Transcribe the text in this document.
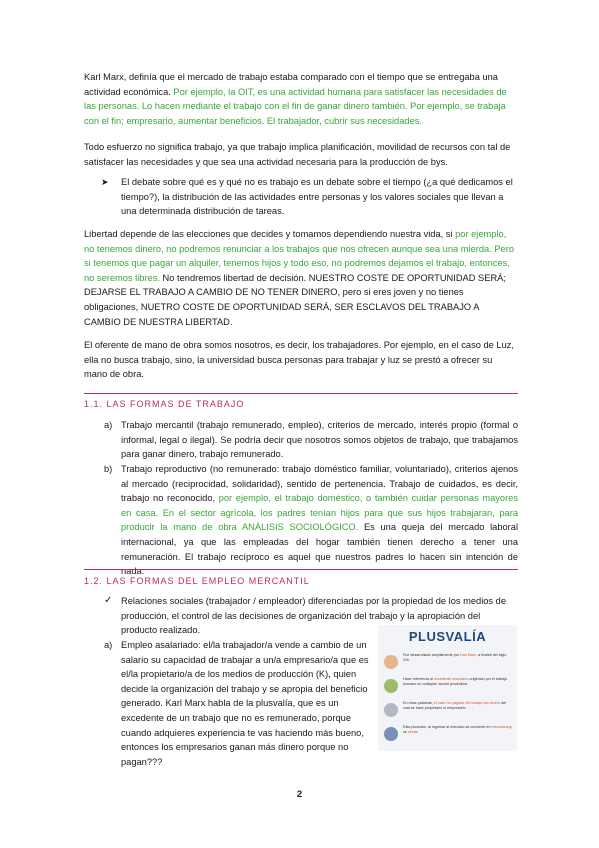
Karl Marx, definía que el mercado de trabajo estaba comparado con el tiempo que se entregaba una actividad económica. Por ejemplo, la OIT, es una actividad humana para satisfacer las necesidades de las personas. Lo hacen mediante el trabajo con el fin de ganar dinero también. Por ejemplo, se trabaja con el fin; empresario, aumentar beneficios. El trabajador, cubrir sus necesidades.

Todo esfuerzo no significa trabajo, ya que trabajo implica planificación, movilidad de recursos con tal de satisfacer las necesidades y que sea una actividad necesaria para la producción de bys.

➤ El debate sobre qué es y qué no es trabajo es un debate sobre el tiempo (¿a qué dedicamos el tiempo?), la distribución de las actividades entre personas y los valores sociales que llevan a una determinada distribución de tareas.

Libertad depende de las elecciones que decides y tomamos dependiendo nuestra vida, si por ejemplo, no tenemos dinero, no podremos renunciar a los trabajos que nos ofrecen aunque sea una mierda. Pero si tenemos que pagar un alquiler, tenemos hijos y todo eso, no podremos dejamos el trabajo, entonces, no seremos libres. No tendremos libertad de decisión. NUESTRO COSTE DE OPORTUNIDAD SERÁ; DEJARSE EL TRABAJO A CAMBIO DE NO TENER DINERO, pero si eres joven y no tienes obligaciones, NUETRO COSTE DE OPORTUNIDAD SERÁ, SER ESCLAVOS DEL TRABAJO A CAMBIO DE NUESTRA LIBERTAD.

El oferente de mano de obra somos nosotros, es decir, los trabajadores. Por ejemplo, en el caso de Luz, ella no busca trabajo, sino, la universidad busca personas para trabajar y luz se prestó a ofrecer su mano de obra.

1.1. LAS FORMAS DE TRABAJO
a) Trabajo mercantil (trabajo remunerado, empleo), criterios de mercado, interés propio (formal o informal, legal o ilegal). Se podría decir que nosotros somos objetos de trabajo, que trabajamos para ganar dinero, trabajo remunerado.

b) Trabajo reproductivo (no remunerado: trabajo doméstico familiar, voluntariado), criterios ajenos al mercado (reciprocidad, solidaridad), sentido de pertenencia. Trabajo de cuidados, es decir, trabajo no reconocido, por ejemplo, el trabajo doméstico, o también cuidar personas mayores en casa. En el sector agrícola, los padres tenían hijos para que sus hijos trabajaran, para producir la mano de obra ANÁLISIS SOCIOLÓGICO. Es una queja del mercado laboral internacional, ya que las empleadas del hogar también tienen derecho a tener una remuneración. El trabajo recíproco es aquel que nuestros padres lo hacen sin intención de nada.

1.2. LAS FORMAS DEL EMPLEO MERCANTIL
✓ Relaciones sociales (trabajador / empleador) diferenciadas por la propiedad de los medios de producción, el control de las decisiones de organización del trabajo y la apropiación del producto realizado.

a) Empleo asalariado: el/la trabajador/a vende a cambio de un salario su capacidad de trabajar a un/a empresario/a que es el/la propietario/a de los medios de producción (K), quien decide la organización del trabajo y se apropia del beneficio generado. Karl Marx habla de la plusvalía, que es un excedente de un trabajo que no es remunerado, porque cuando adquieres experiencia te vas haciendo más bueno, entonces los empresarios ganan más dinero porque no pagan???

PLUSVALÍA
Fue desarrollado ampliamente por Karl Marx, a finales del siglo XIX.
Hace referencia al excedente monetario originado por el trabajo humano en cualquier acción productiva.
En otras palabras, el valor no pagado del trabajo del obrero del cual se hace propietario el empresario.
Esta plusvalor, al ingresar al mercado se convierte en mercancía y se vende.
2
